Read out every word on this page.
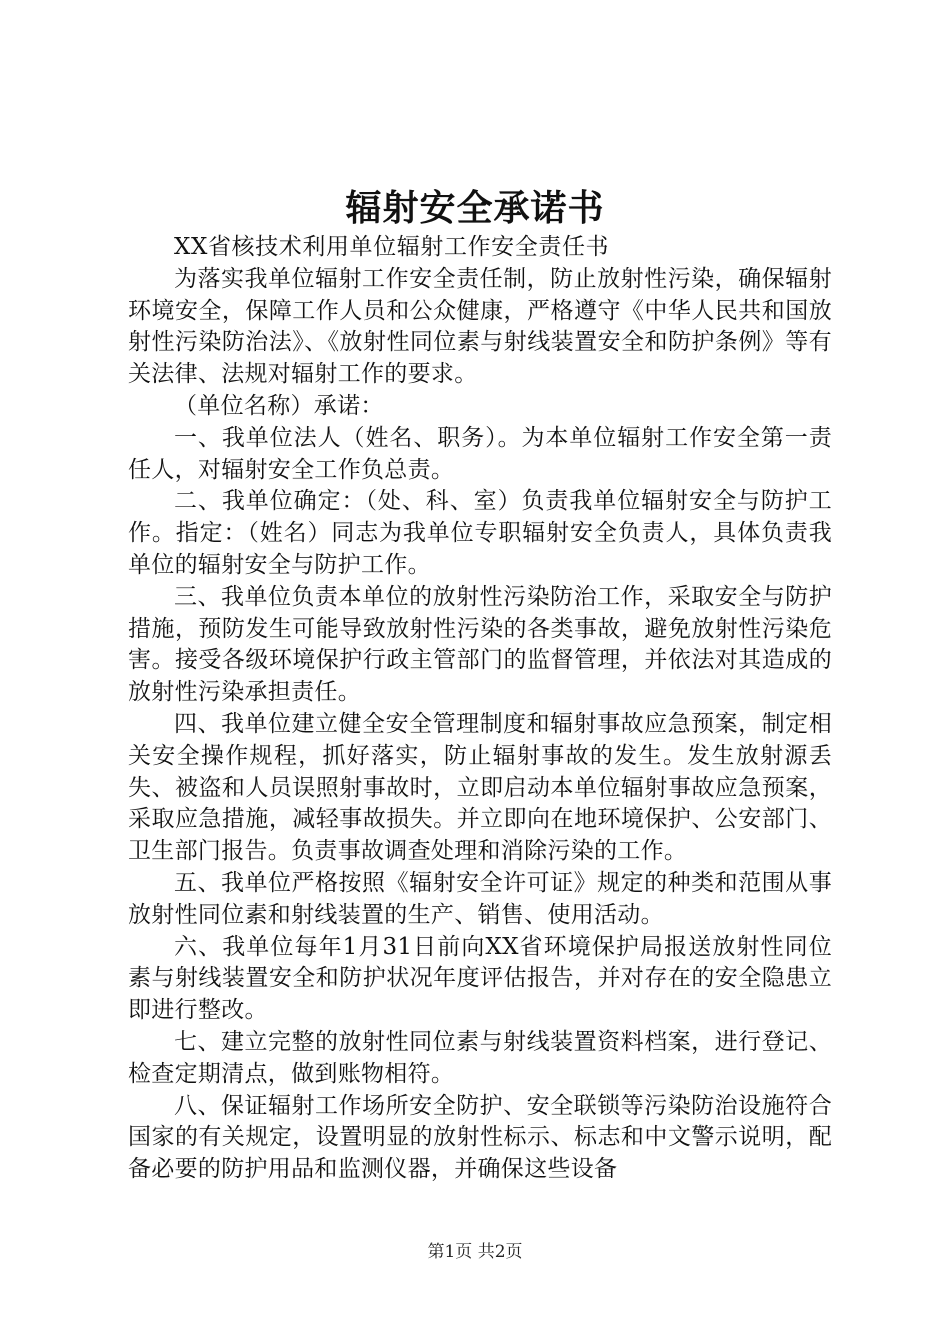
辐射安全承诺书

XX省核技术利用单位辐射工作安全责任书

为落实我单位辐射工作安全责任制，防止放射性污染，确保辐射环境安全，保障工作人员和公众健康，严格遵守《中华人民共和国放射性污染防治法》、《放射性同位素与射线装置安全和防护条例》等有关法律、法规对辐射工作的要求。

（单位名称）承诺：

一、我单位法人（姓名、职务）。为本单位辐射工作安全第一责任人，对辐射安全工作负总责。

二、我单位确定：（处、科、室）负责我单位辐射安全与防护工作。指定：（姓名）同志为我单位专职辐射安全负责人，具体负责我单位的辐射安全与防护工作。

三、我单位负责本单位的放射性污染防治工作，采取安全与防护措施，预防发生可能导致放射性污染的各类事故，避免放射性污染危害。接受各级环境保护行政主管部门的监督管理，并依法对其造成的放射性污染承担责任。

四、我单位建立健全安全管理制度和辐射事故应急预案，制定相关安全操作规程，抓好落实，防止辐射事故的发生。发生放射源丢失、被盗和人员误照射事故时，立即启动本单位辐射事故应急预案，采取应急措施，减轻事故损失。并立即向在地环境保护、公安部门、卫生部门报告。负责事故调查处理和消除污染的工作。

五、我单位严格按照《辐射安全许可证》规定的种类和范围从事放射性同位素和射线装置的生产、销售、使用活动。

六、我单位每年1月31日前向XX省环境保护局报送放射性同位素与射线装置安全和防护状况年度评估报告，并对存在的安全隐患立即进行整改。

七、建立完整的放射性同位素与射线装置资料档案，进行登记、检查定期清点，做到账物相符。

八、保证辐射工作场所安全防护、安全联锁等污染防治设施符合国家的有关规定，设置明显的放射性标示、标志和中文警示说明，配备必要的防护用品和监测仪器，并确保这些设备

第1页 共2页
